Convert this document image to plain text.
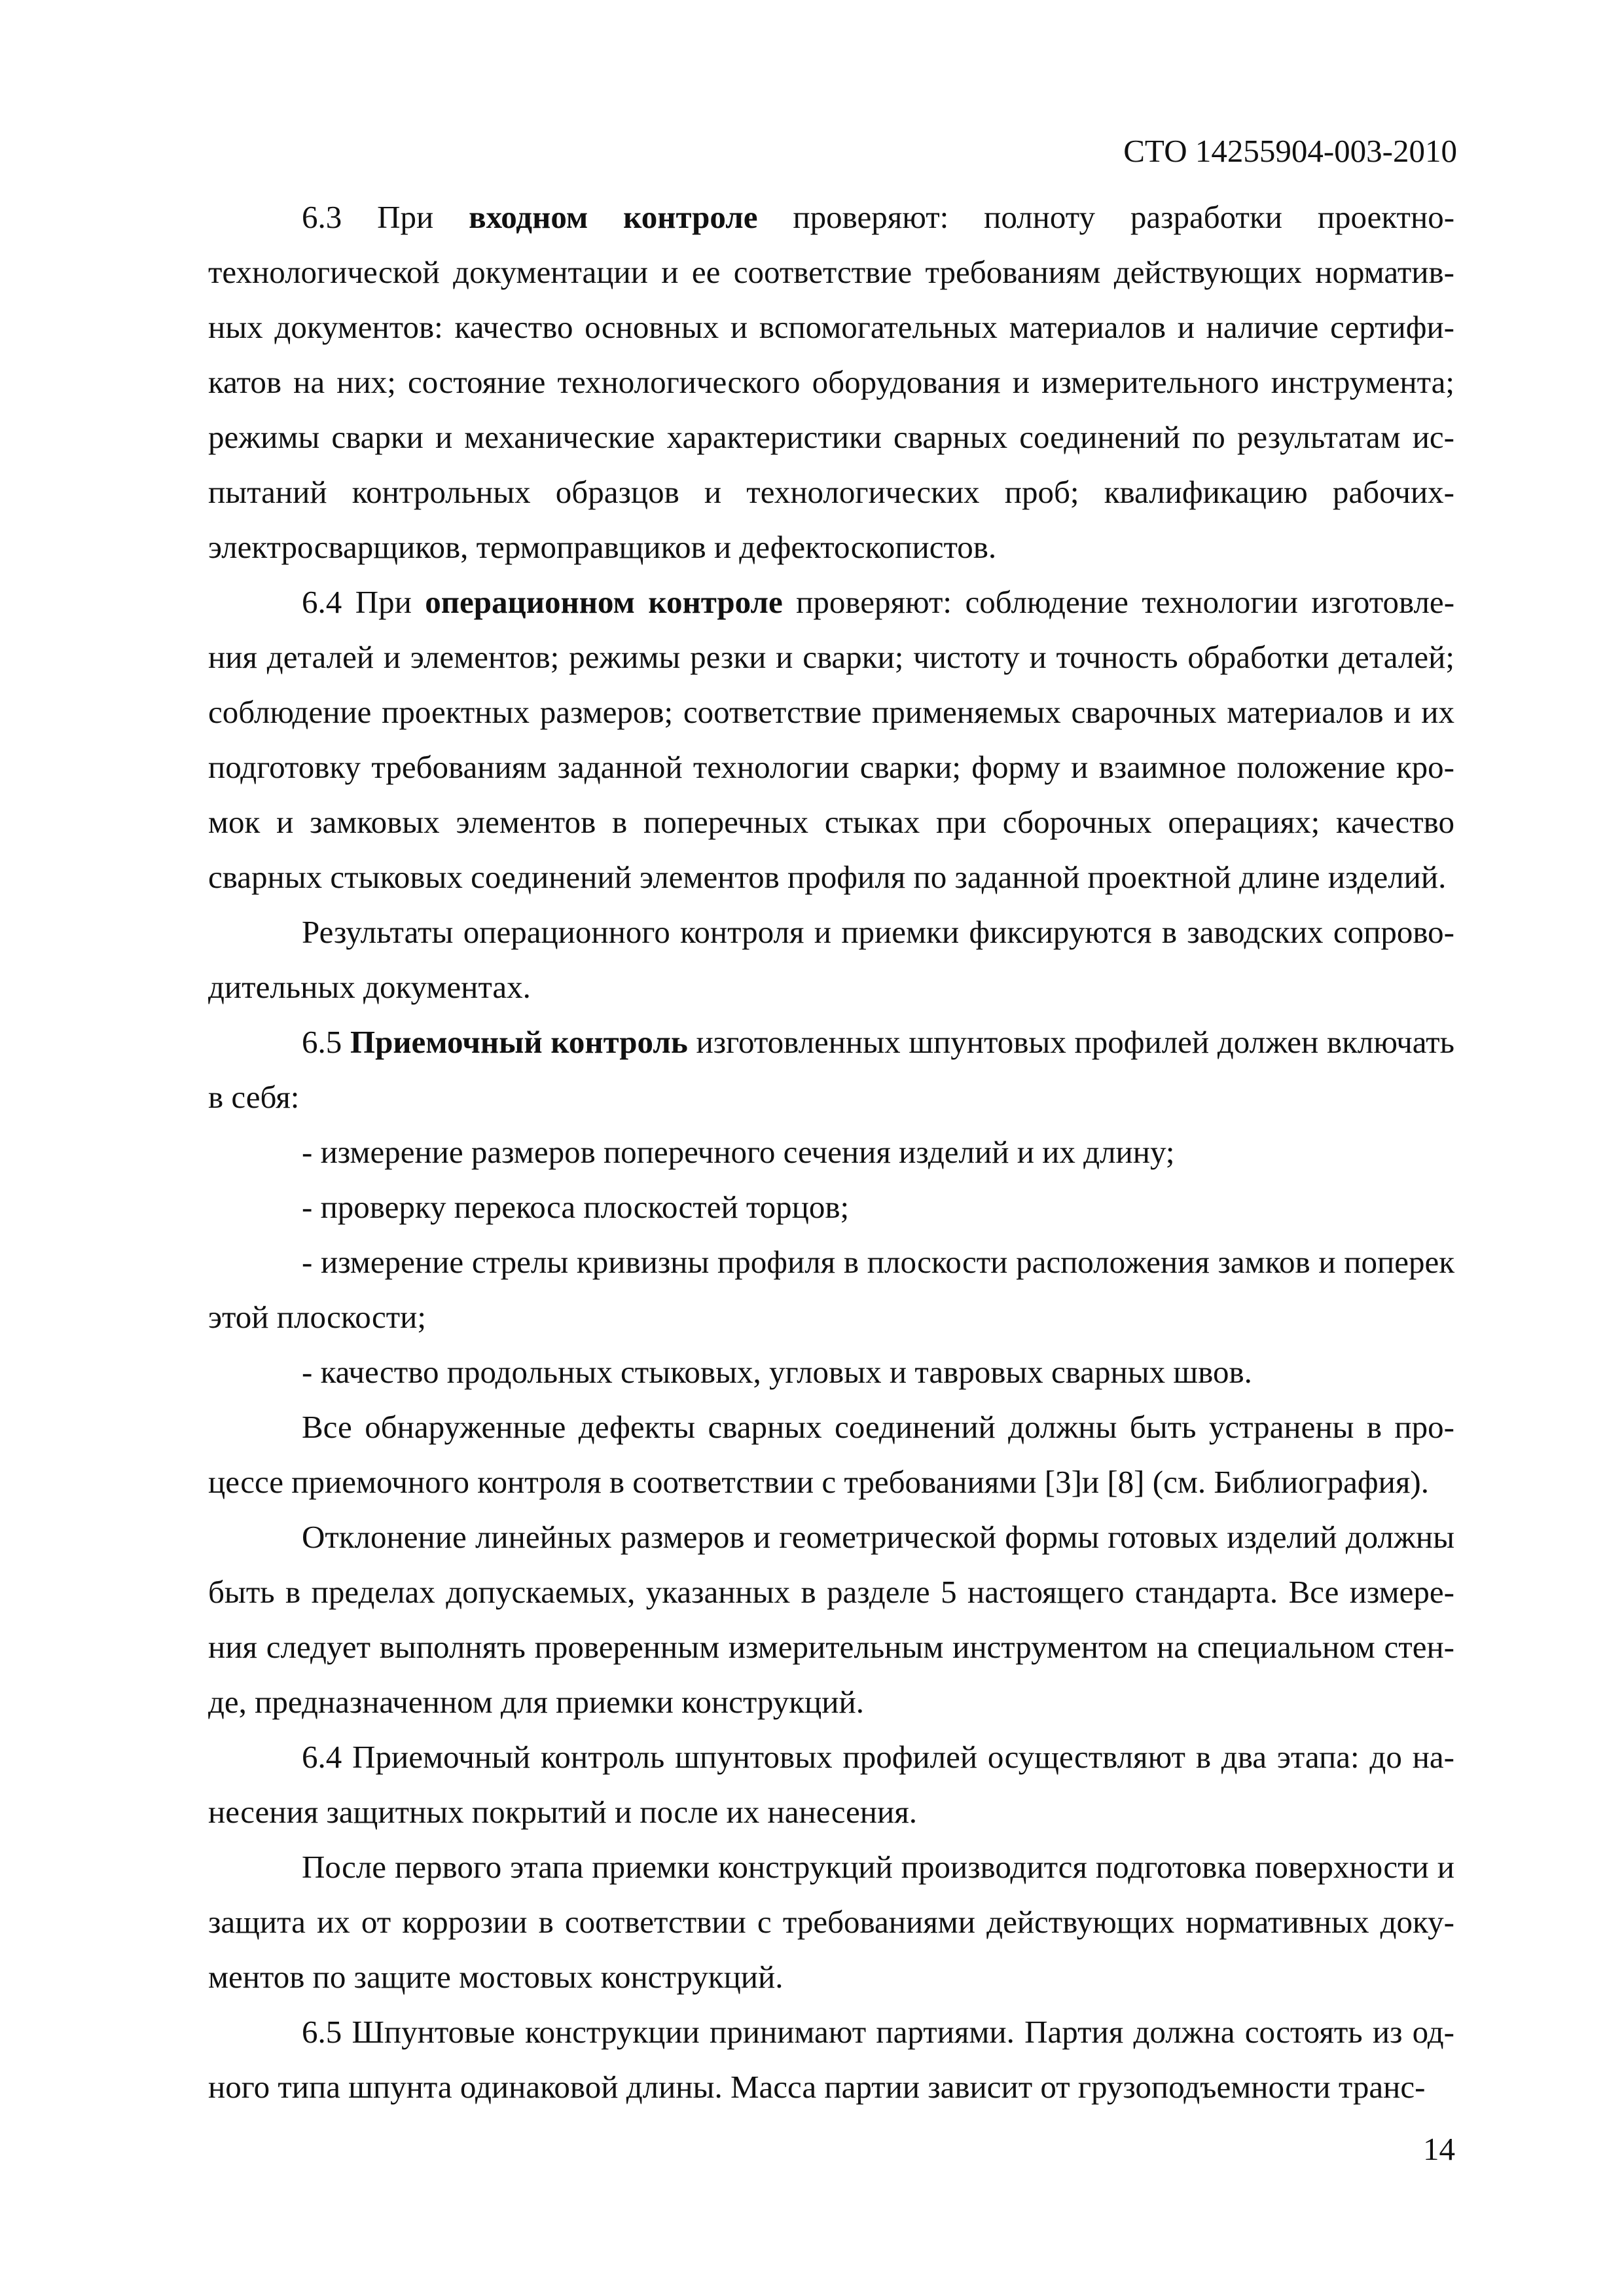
СТО 14255904-003-2010

6.3 При входном контроле проверяют: полноту разработки проектно-технологической документации и ее соответствие требованиям действующих нормативных документов: качество основных и вспомогательных материалов и наличие сертификатов на них; состояние технологического оборудования и измерительного инструмента; режимы сварки и механические характеристики сварных соединений по результатам испытаний контрольных образцов и технологических проб; квалификацию рабочих-электросварщиков, термоправщиков и дефектоскопистов.

6.4 При операционном контроле проверяют: соблюдение технологии изготовления деталей и элементов; режимы резки и сварки; чистоту и точность обработки деталей; соблюдение проектных размеров; соответствие применяемых сварочных материалов и их подготовку требованиям заданной технологии сварки; форму и взаимное положение кромок и замковых элементов в поперечных стыках при сборочных операциях; качество сварных стыковых соединений элементов профиля по заданной проектной длине изделий.

Результаты операционного контроля и приемки фиксируются в заводских сопроводительных документах.

6.5 Приемочный контроль изготовленных шпунтовых профилей должен включать в себя:

- измерение размеров поперечного сечения изделий и их длину;

- проверку перекоса плоскостей торцов;

- измерение стрелы кривизны профиля в плоскости расположения замков и поперек этой плоскости;

- качество продольных стыковых, угловых и тавровых сварных швов.

Все обнаруженные дефекты сварных соединений должны быть устранены в процессе приемочного контроля в соответствии с требованиями [3]и [8] (см. Библиография).

Отклонение линейных размеров и геометрической формы готовых изделий должны быть в пределах допускаемых, указанных в разделе 5 настоящего стандарта. Все измерения следует выполнять проверенным измерительным инструментом на специальном стенде, предназначенном для приемки конструкций.

6.4 Приемочный контроль шпунтовых профилей осуществляют в два этапа: до нанесения защитных покрытий и после их нанесения.

После первого этапа приемки конструкций производится подготовка поверхности и защита их от коррозии в соответствии с требованиями действующих нормативных документов по защите мостовых конструкций.

6.5 Шпунтовые конструкции принимают партиями. Партия должна состоять из одного типа шпунта одинаковой длины. Масса партии зависит от грузоподъемности транс-

14
